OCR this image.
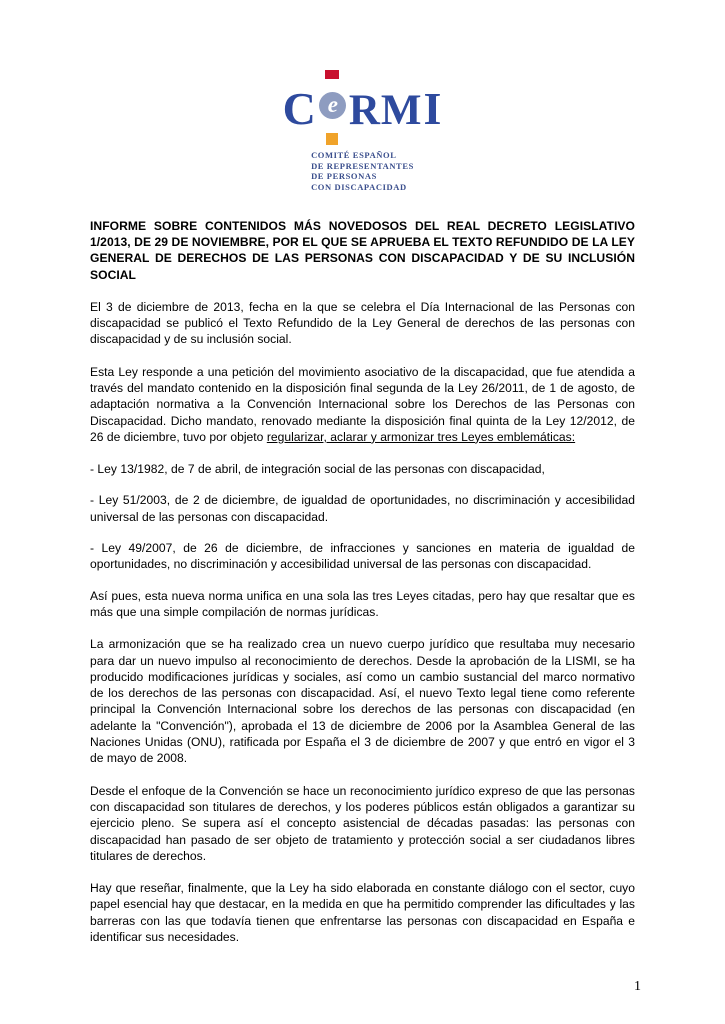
C e R M I
COMITÉ ESPAÑOL
DE REPRESENTANTES
DE PERSONAS
CON DISCAPACIDAD
INFORME SOBRE CONTENIDOS MÁS NOVEDOSOS DEL REAL DECRETO LEGISLATIVO 1/2013, DE 29 DE NOVIEMBRE, POR EL QUE SE APRUEBA EL TEXTO REFUNDIDO DE LA LEY GENERAL DE DERECHOS DE LAS PERSONAS CON DISCAPACIDAD Y DE SU INCLUSIÓN SOCIAL

El 3 de diciembre de 2013, fecha en la que se celebra el Día Internacional de las Personas con discapacidad se publicó el Texto Refundido de la Ley General de derechos de las personas con discapacidad y de su inclusión social.

Esta Ley responde a una petición del movimiento asociativo de la discapacidad, que fue atendida a través del mandato contenido en la disposición final segunda de la Ley 26/2011, de 1 de agosto, de adaptación normativa a la Convención Internacional sobre los Derechos de las Personas con Discapacidad. Dicho mandato, renovado mediante la disposición final quinta de la Ley 12/2012, de 26 de diciembre, tuvo por objeto regularizar, aclarar y armonizar tres Leyes emblemáticas:

- Ley 13/1982, de 7 de abril, de integración social de las personas con discapacidad,

- Ley 51/2003, de 2 de diciembre, de igualdad de oportunidades, no discriminación y accesibilidad universal de las personas con discapacidad.

- Ley 49/2007, de 26 de diciembre, de infracciones y sanciones en materia de igualdad de oportunidades, no discriminación y accesibilidad universal de las personas con discapacidad.

Así pues, esta nueva norma unifica en una sola las tres Leyes citadas, pero hay que resaltar que es más que una simple compilación de normas jurídicas.

La armonización que se ha realizado crea un nuevo cuerpo jurídico que resultaba muy necesario para dar un nuevo impulso al reconocimiento de derechos. Desde la aprobación de la LISMI, se ha producido modificaciones jurídicas y sociales, así como un cambio sustancial del marco normativo de los derechos de las personas con discapacidad. Así, el nuevo Texto legal tiene como referente principal la Convención Internacional sobre los derechos de las personas con discapacidad (en adelante la "Convención"), aprobada el 13 de diciembre de 2006 por la Asamblea General de las Naciones Unidas (ONU), ratificada por España el 3 de diciembre de 2007 y que entró en vigor el 3 de mayo de 2008.

Desde el enfoque de la Convención se hace un reconocimiento jurídico expreso de que las personas con discapacidad son titulares de derechos, y los poderes públicos están obligados a garantizar su ejercicio pleno. Se supera así el concepto asistencial de décadas pasadas: las personas con discapacidad han pasado de ser objeto de tratamiento y protección social a ser ciudadanos libres titulares de derechos.

Hay que reseñar, finalmente, que la Ley ha sido elaborada en constante diálogo con el sector, cuyo papel esencial hay que destacar, en la medida en que ha permitido comprender las dificultades y las barreras con las que todavía tienen que enfrentarse las personas con discapacidad en España e identificar sus necesidades.

1
